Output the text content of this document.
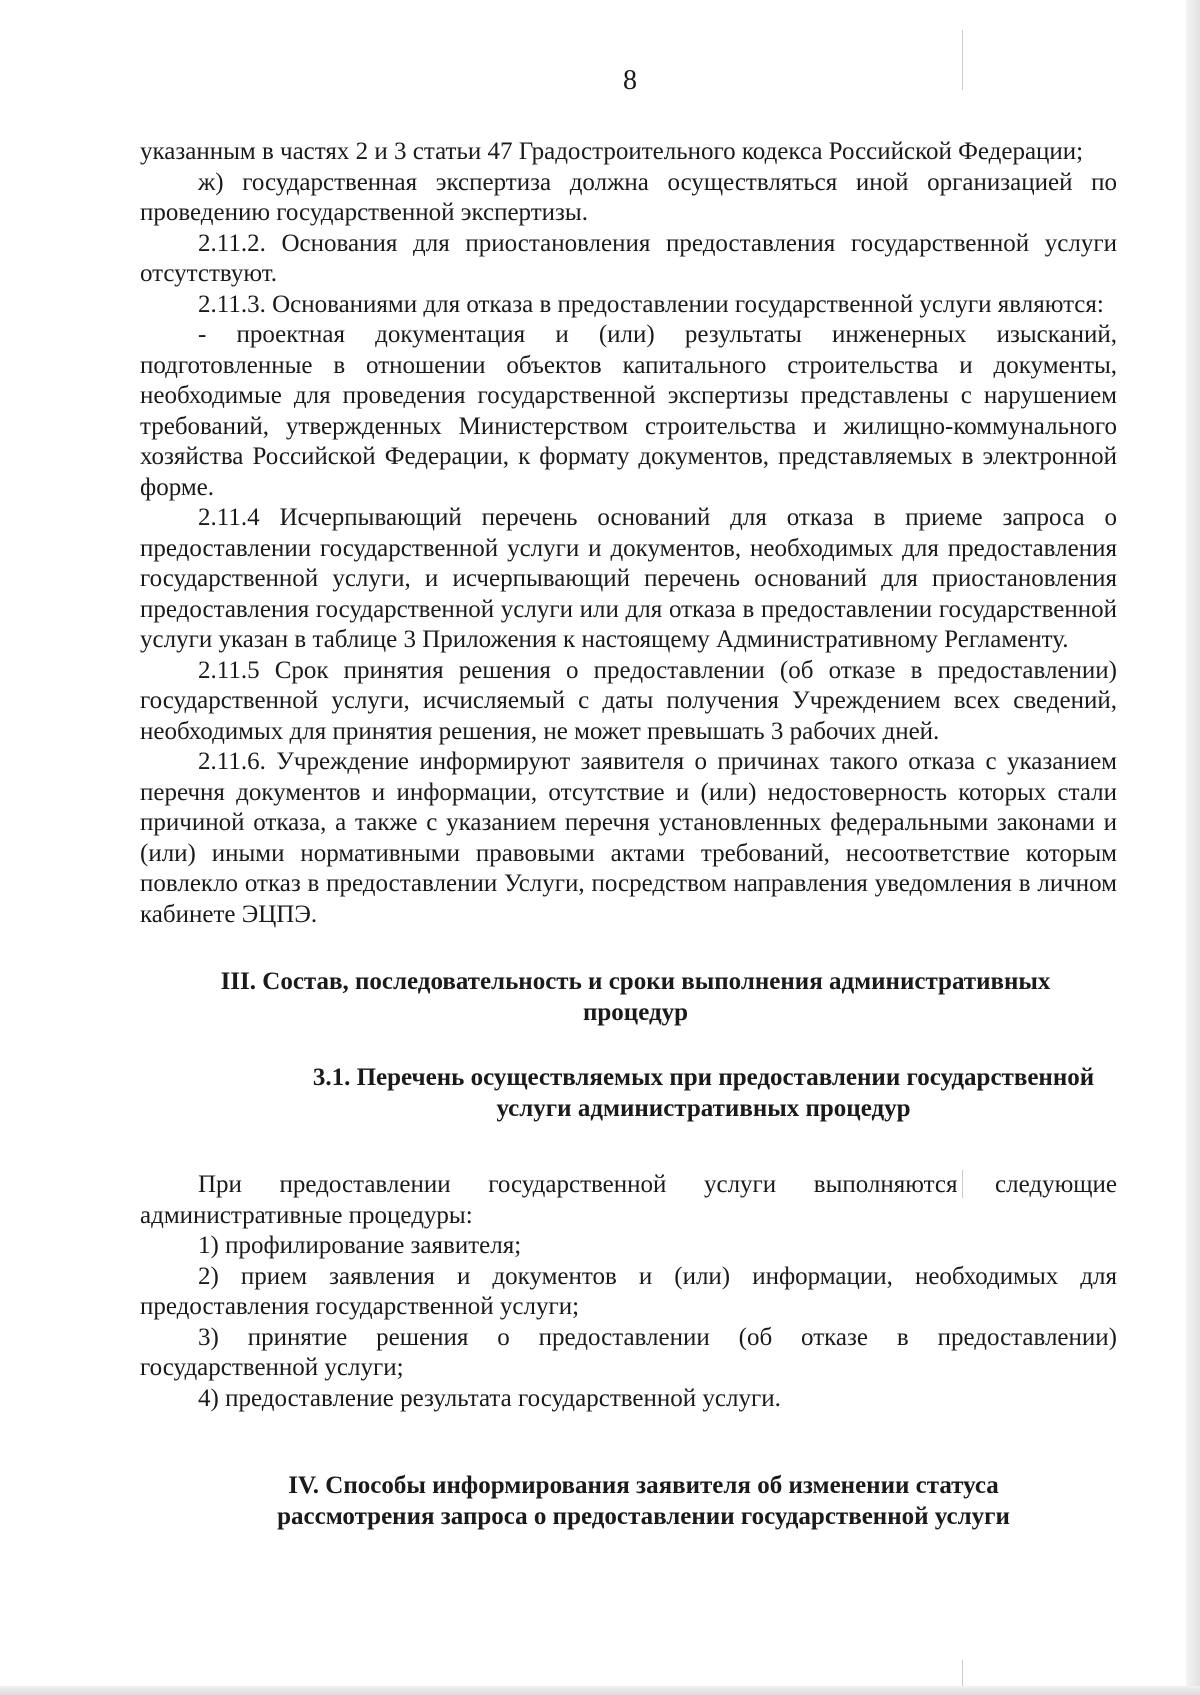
8

указанным в частях 2 и 3 статьи 47 Градостроительного кодекса Российской Федерации;

ж) государственная экспертиза должна осуществляться иной организацией по проведению государственной экспертизы.

2.11.2. Основания для приостановления предоставления государственной услуги отсутствуют.

2.11.3. Основаниями для отказа в предоставлении государственной услуги являются:

- проектная документация и (или) результаты инженерных изысканий, подготовленные в отношении объектов капитального строительства и документы, необходимые для проведения государственной экспертизы представлены с нарушением требований, утвержденных Министерством строительства и жилищно-коммунального хозяйства Российской Федерации, к формату документов, представляемых в электронной форме.

2.11.4 Исчерпывающий перечень оснований для отказа в приеме запроса о предоставлении государственной услуги и документов, необходимых для предоставления государственной услуги, и исчерпывающий перечень оснований для приостановления предоставления государственной услуги или для отказа в предоставлении государственной услуги указан в таблице 3 Приложения к настоящему Административному Регламенту.

2.11.5 Срок принятия решения о предоставлении (об отказе в предоставлении) государственной услуги, исчисляемый с даты получения Учреждением всех сведений, необходимых для принятия решения, не может превышать 3 рабочих дней.

2.11.6. Учреждение информируют заявителя о причинах такого отказа с указанием перечня документов и информации, отсутствие и (или) недостоверность которых стали причиной отказа, а также с указанием перечня установленных федеральными законами и (или) иными нормативными правовыми актами требований, несоответствие которым повлекло отказ в предоставлении Услуги, посредством направления уведомления в личном кабинете ЭЦПЭ.

III. Состав, последовательность и сроки выполнения административных
процедур
3.1. Перечень осуществляемых при предоставлении государственной
услуги административных процедур

При предоставлении государственной услуги выполняются следующие административные процедуры:

1) профилирование заявителя;

2) прием заявления и документов и (или) информации, необходимых для предоставления государственной услуги;

3) принятие решения о предоставлении (об отказе в предоставлении) государственной услуги;

4) предоставление результата государственной услуги.

IV. Способы информирования заявителя об изменении статуса
рассмотрения запроса о предоставлении государственной услуги
